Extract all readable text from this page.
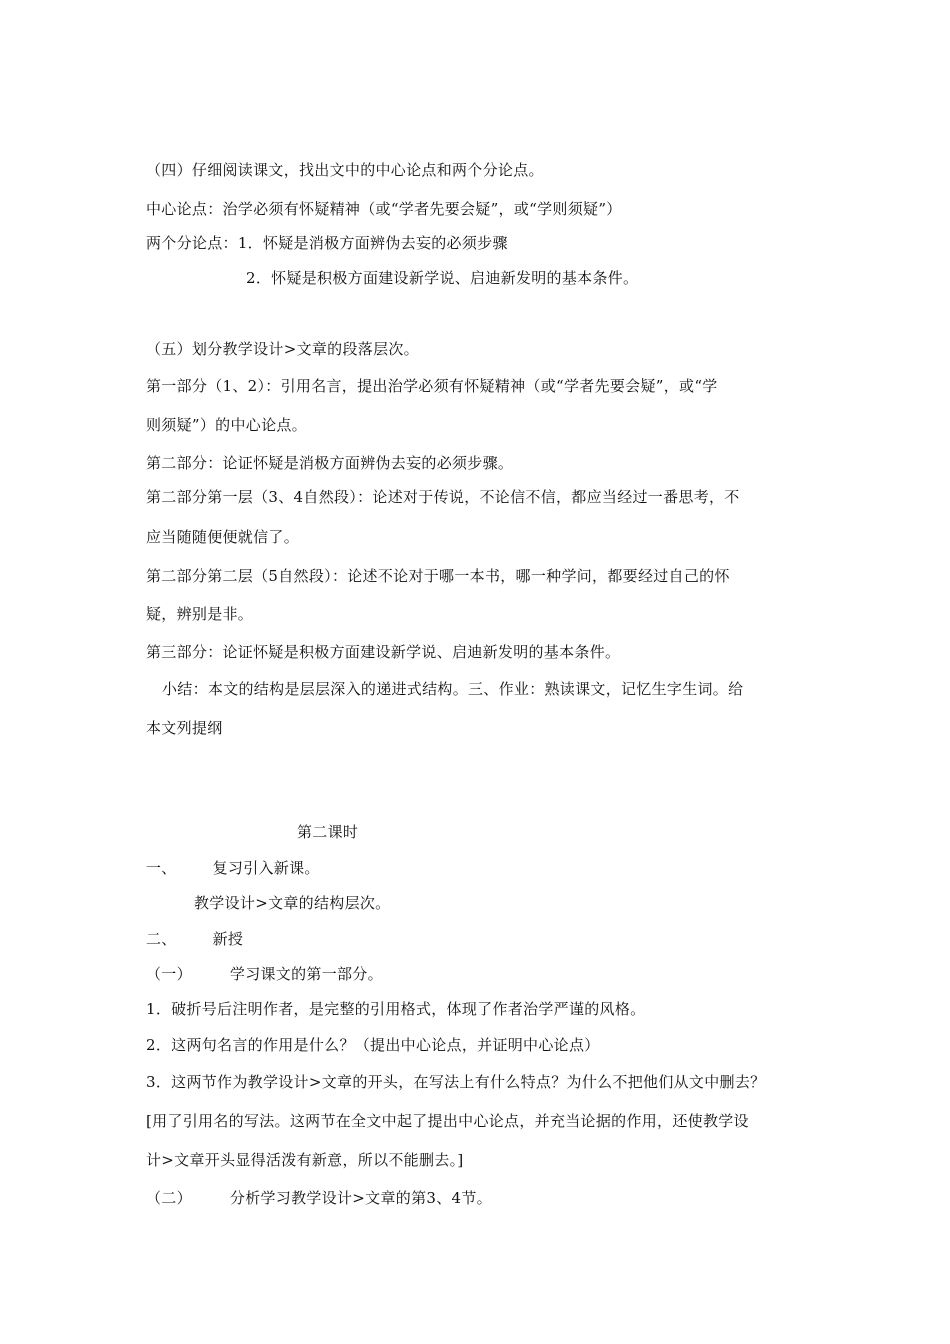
（四）仔细阅读课文，找出文中的中心论点和两个分论点。
中心论点：治学必须有怀疑精神（或“学者先要会疑”，或“学则须疑”）
两个分论点：1．怀疑是消极方面辨伪去妄的必须步骤
2．怀疑是积极方面建设新学说、启迪新发明的基本条件。
（五）划分教学设计>文章的段落层次。
第一部分（1、2）：引用名言，提出治学必须有怀疑精神（或“学者先要会疑”，或“学
则须疑”）的中心论点。
第二部分：论证怀疑是消极方面辨伪去妄的必须步骤。
第二部分第一层（3、4自然段）：论述对于传说，不论信不信，都应当经过一番思考，不
应当随随便便就信了。
第二部分第二层（5自然段）：论述不论对于哪一本书，哪一种学问，都要经过自己的怀
疑，辨别是非。
第三部分：论证怀疑是积极方面建设新学说、启迪新发明的基本条件。
小结：本文的结构是层层深入的递进式结构。三、作业：熟读课文，记忆生字生词。给
本文列提纲
第二课时
一、 复习引入新课。
教学设计>文章的结构层次。
二、 新授
（一）	学习课文的第一部分。
1．破折号后注明作者，是完整的引用格式，体现了作者治学严谨的风格。
2．这两句名言的作用是什么？（提出中心论点，并证明中心论点）
3．这两节作为教学设计>文章的开头，在写法上有什么特点？为什么不把他们从文中删去？
[用了引用名的写法。这两节在全文中起了提出中心论点，并充当论据的作用，还使教学设
计>文章开头显得活泼有新意，所以不能删去。]
（二）	分析学习教学设计>文章的第3、4节。
